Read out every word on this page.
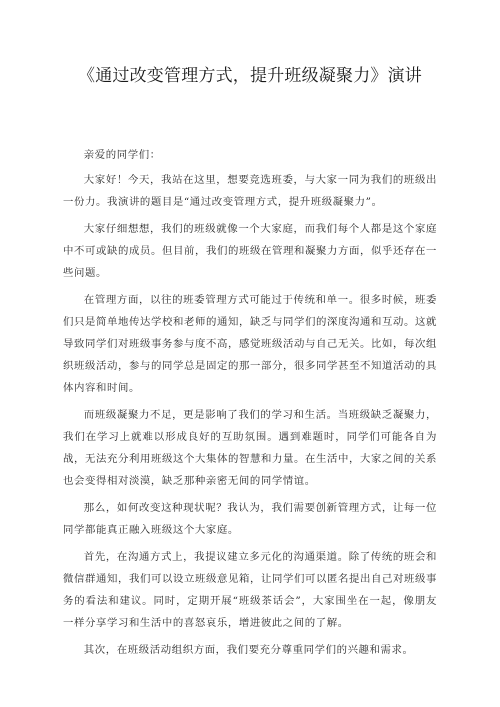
《通过改变管理方式，提升班级凝聚力》演讲

亲爱的同学们：

大家好！今天，我站在这里，想要竞选班委，与大家一同为我们的班级出一份力。我演讲的题目是“通过改变管理方式，提升班级凝聚力”。

大家仔细想想，我们的班级就像一个大家庭，而我们每个人都是这个家庭中不可或缺的成员。但目前，我们的班级在管理和凝聚力方面，似乎还存在一些问题。

在管理方面，以往的班委管理方式可能过于传统和单一。很多时候，班委们只是简单地传达学校和老师的通知，缺乏与同学们的深度沟通和互动。这就导致同学们对班级事务参与度不高，感觉班级活动与自己无关。比如，每次组织班级活动，参与的同学总是固定的那一部分，很多同学甚至不知道活动的具体内容和时间。

而班级凝聚力不足，更是影响了我们的学习和生活。当班级缺乏凝聚力，我们在学习上就难以形成良好的互助氛围。遇到难题时，同学们可能各自为战，无法充分利用班级这个大集体的智慧和力量。在生活中，大家之间的关系也会变得相对淡漠，缺乏那种亲密无间的同学情谊。

那么，如何改变这种现状呢？我认为，我们需要创新管理方式，让每一位同学都能真正融入班级这个大家庭。

首先，在沟通方式上，我提议建立多元化的沟通渠道。除了传统的班会和微信群通知，我们可以设立班级意见箱，让同学们可以匿名提出自己对班级事务的看法和建议。同时，定期开展“班级茶话会”，大家围坐在一起，像朋友一样分享学习和生活中的喜怒哀乐，增进彼此之间的了解。

其次，在班级活动组织方面，我们要充分尊重同学们的兴趣和需求。
